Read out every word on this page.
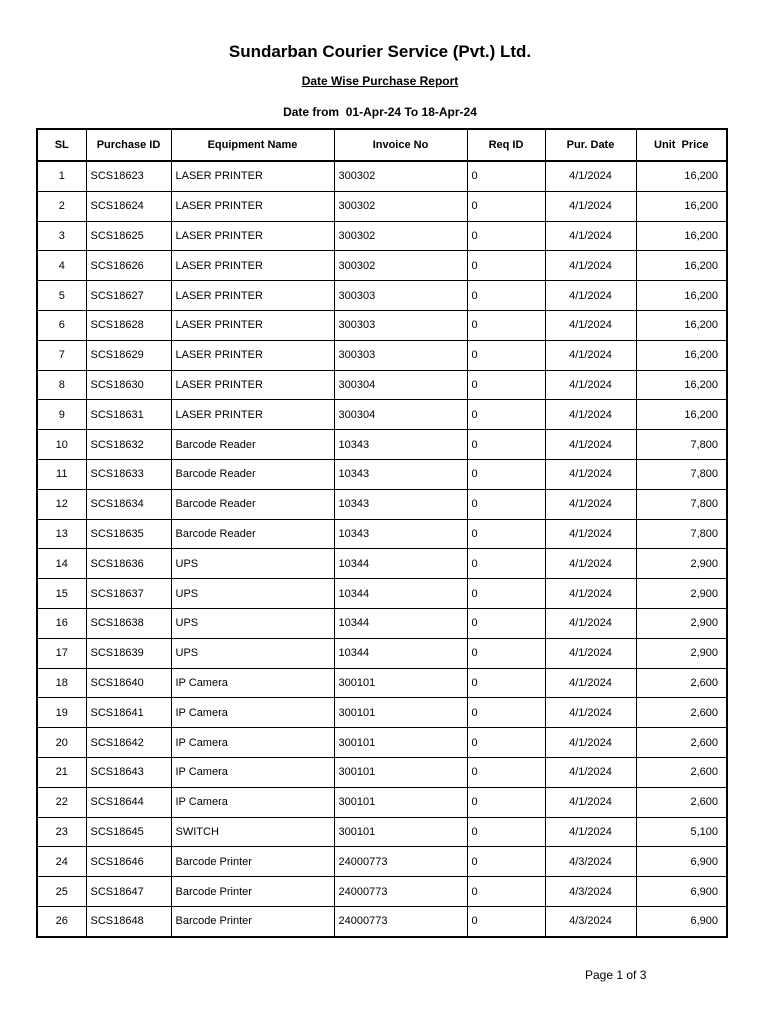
Sundarban Courier Service (Pvt.) Ltd.
Date Wise Purchase Report
Date from  01-Apr-24 To 18-Apr-24
SL	Purchase ID	Equipment Name	Invoice No	Req ID	Pur. Date	Unit  Price
1	SCS18623	LASER PRINTER	300302	0	4/1/2024	16,200
2	SCS18624	LASER PRINTER	300302	0	4/1/2024	16,200
3	SCS18625	LASER PRINTER	300302	0	4/1/2024	16,200
4	SCS18626	LASER PRINTER	300302	0	4/1/2024	16,200
5	SCS18627	LASER PRINTER	300303	0	4/1/2024	16,200
6	SCS18628	LASER PRINTER	300303	0	4/1/2024	16,200
7	SCS18629	LASER PRINTER	300303	0	4/1/2024	16,200
8	SCS18630	LASER PRINTER	300304	0	4/1/2024	16,200
9	SCS18631	LASER PRINTER	300304	0	4/1/2024	16,200
10	SCS18632	Barcode Reader	10343	0	4/1/2024	7,800
11	SCS18633	Barcode Reader	10343	0	4/1/2024	7,800
12	SCS18634	Barcode Reader	10343	0	4/1/2024	7,800
13	SCS18635	Barcode Reader	10343	0	4/1/2024	7,800
14	SCS18636	UPS	10344	0	4/1/2024	2,900
15	SCS18637	UPS	10344	0	4/1/2024	2,900
16	SCS18638	UPS	10344	0	4/1/2024	2,900
17	SCS18639	UPS	10344	0	4/1/2024	2,900
18	SCS18640	IP Camera	300101	0	4/1/2024	2,600
19	SCS18641	IP Camera	300101	0	4/1/2024	2,600
20	SCS18642	IP Camera	300101	0	4/1/2024	2,600
21	SCS18643	IP Camera	300101	0	4/1/2024	2,600
22	SCS18644	IP Camera	300101	0	4/1/2024	2,600
23	SCS18645	SWITCH	300101	0	4/1/2024	5,100
24	SCS18646	Barcode Printer	24000773	0	4/3/2024	6,900
25	SCS18647	Barcode Printer	24000773	0	4/3/2024	6,900
26	SCS18648	Barcode Printer	24000773	0	4/3/2024	6,900
Page 1 of 3
